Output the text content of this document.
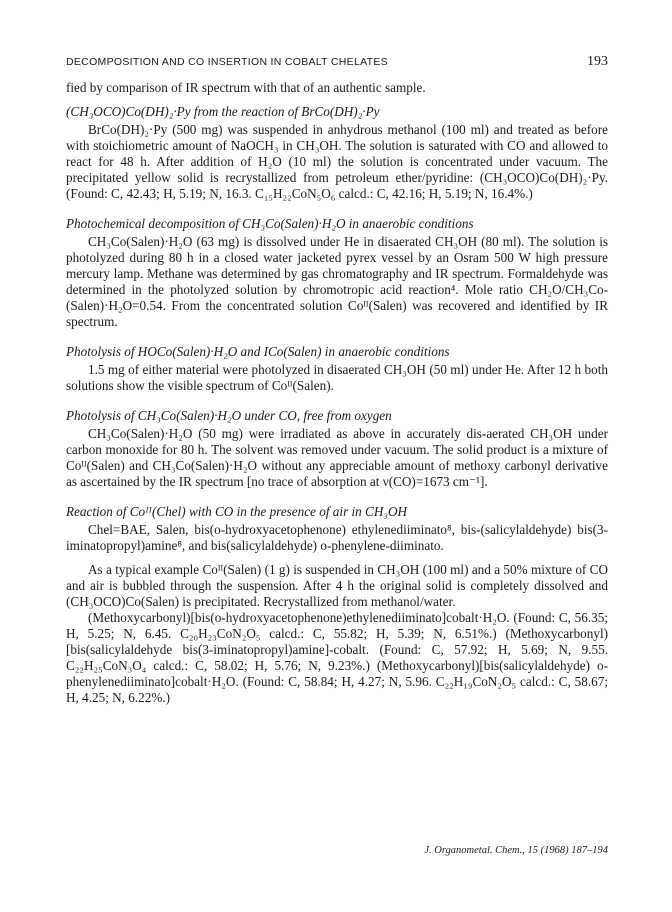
DECOMPOSITION AND CO INSERTION IN COBALT CHELATES	193

fied by comparison of IR spectrum with that of an authentic sample.

(CH₃OCO)Co(DH)₂·Py from the reaction of BrCo(DH)₂·Py

BrCo(DH)₂·Py (500 mg) was suspended in anhydrous methanol (100 ml) and treated as before with stoichiometric amount of NaOCH₃ in CH₃OH. The solution is saturated with CO and allowed to react for 48 h. After addition of H₂O (10 ml) the solution is concentrated under vacuum. The precipitated yellow solid is recrystallized from petroleum ether/pyridine: (CH₃OCO)Co(DH)₂·Py. (Found: C, 42.43; H, 5.19; N, 16.3. C₁₅H₂₂CoN₅O₆ calcd.: C, 42.16; H, 5.19; N, 16.4%.)

Photochemical decomposition of CH₃Co(Salen)·H₂O in anaerobic conditions

CH₃Co(Salen)·H₂O (63 mg) is dissolved under He in disaerated CH₃OH (80 ml). The solution is photolyzed during 80 h in a closed water jacketed pyrex vessel by an Osram 500 W high pressure mercury lamp. Methane was determined by gas chromatography and IR spectrum. Formaldehyde was determined in the photolyzed solution by chromotropic acid reaction⁴. Mole ratio CH₂O/CH₃Co-(Salen)·H₂O=0.54. From the concentrated solution Coᴵᴵ(Salen) was recovered and identified by IR spectrum.

Photolysis of HOCo(Salen)·H₂O and ICo(Salen) in anaerobic conditions

1.5 mg of either material were photolyzed in disaerated CH₃OH (50 ml) under He. After 12 h both solutions show the visible spectrum of Coᴵᴵ(Salen).

Photolysis of CH₃Co(Salen)·H₂O under CO, free from oxygen

CH₃Co(Salen)·H₂O (50 mg) were irradiated as above in accurately dis-aerated CH₃OH under carbon monoxide for 80 h. The solvent was removed under vacuum. The solid product is a mixture of Coᴵᴵ(Salen) and CH₃Co(Salen)·H₂O without any appreciable amount of methoxy carbonyl derivative as ascertained by the IR spectrum [no trace of absorption at ν(CO)=1673 cm⁻¹].

Reaction of Coᴵᴵ(Chel) with CO in the presence of air in CH₃OH

Chel=BAE, Salen, bis(o-hydroxyacetophenone) ethylenediiminato⁸, bis-(salicylaldehyde) bis(3-iminatopropyl)amine⁸, and bis(salicylaldehyde) o-phenylene-diiminato.

As a typical example Coᴵᴵ(Salen) (1 g) is suspended in CH₃OH (100 ml) and a 50% mixture of CO and air is bubbled through the suspension. After 4 h the original solid is completely dissolved and (CH₃OCO)Co(Salen) is precipitated. Recrystallized from methanol/water.

(Methoxycarbonyl)[bis(o-hydroxyacetophenone)ethylenediiminato]cobalt·H₂O. (Found: C, 56.35; H, 5.25; N, 6.45. C₂₀H₂₃CoN₂O₅ calcd.: C, 55.82; H, 5.39; N, 6.51%.) (Methoxycarbonyl)[bis(salicylaldehyde bis(3-iminatopropyl)amine]-cobalt. (Found: C, 57.92; H, 5.69; N, 9.55. C₂₂H₂₅CoN₃O₄ calcd.: C, 58.02; H, 5.76; N, 9.23%.) (Methoxycarbonyl)[bis(salicylaldehyde) o-phenylenediiminato]cobalt·H₂O. (Found: C, 58.84; H, 4.27; N, 5.96. C₂₂H₁₉CoN₂O₅ calcd.: C, 58.67; H, 4.25; N, 6.22%.)

J. Organometal. Chem., 15 (1968) 187–194
